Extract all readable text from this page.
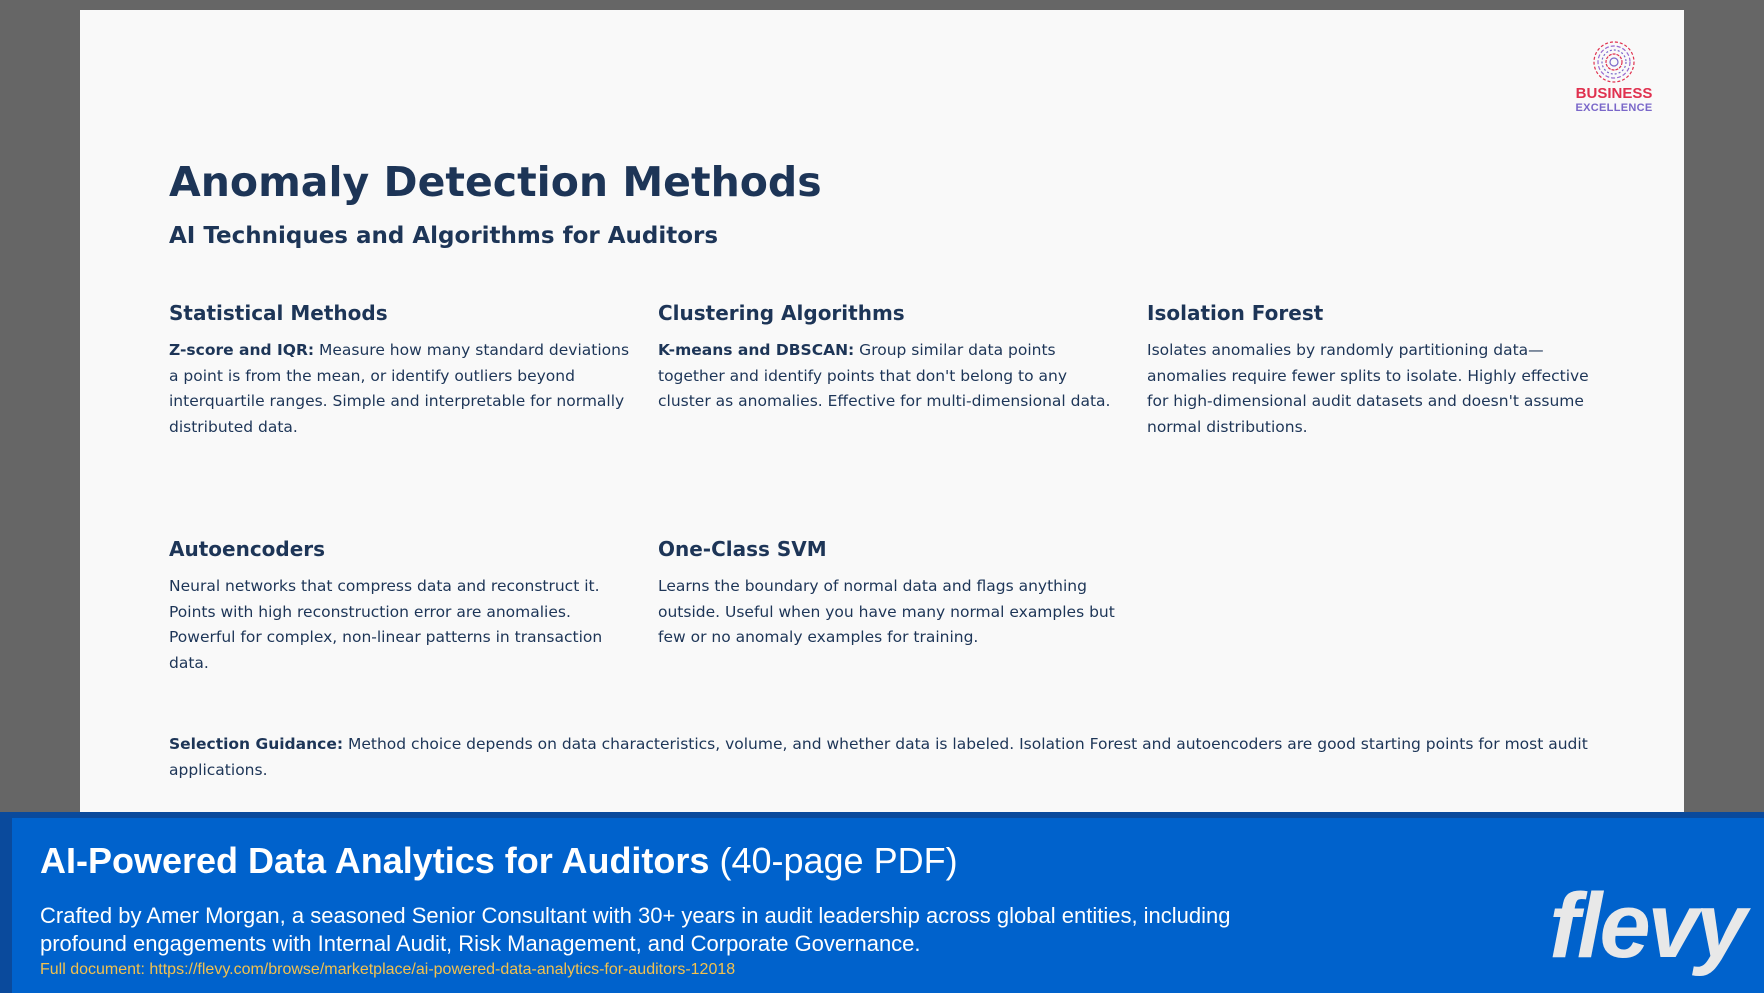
BUSINESS
EXCELLENCE
Anomaly Detection Methods
AI Techniques and Algorithms for Auditors
Statistical Methods

Z-score and IQR: Measure how many standard deviations a point is from the mean, or identify outliers beyond interquartile ranges. Simple and interpretable for normally distributed data.

Clustering Algorithms

K-means and DBSCAN: Group similar data points together and identify points that don't belong to any cluster as anomalies. Effective for multi-dimensional data.

Isolation Forest

Isolates anomalies by randomly partitioning data—anomalies require fewer splits to isolate. Highly effective for high-dimensional audit datasets and doesn't assume normal distributions.

Autoencoders

Neural networks that compress data and reconstruct it. Points with high reconstruction error are anomalies. Powerful for complex, non-linear patterns in transaction data.

One-Class SVM

Learns the boundary of normal data and flags anything outside. Useful when you have many normal examples but few or no anomaly examples for training.

Selection Guidance: Method choice depends on data characteristics, volume, and whether data is labeled. Isolation Forest and autoencoders are good starting points for most audit applications.
AI-Powered Data Analytics for Auditors (40-page PDF)
Crafted by Amer Morgan, a seasoned Senior Consultant with 30+ years in audit leadership across global entities, including profound engagements with Internal Audit, Risk Management, and Corporate Governance.
Full document: https://flevy.com/browse/marketplace/ai-powered-data-analytics-for-auditors-12018	flevy
